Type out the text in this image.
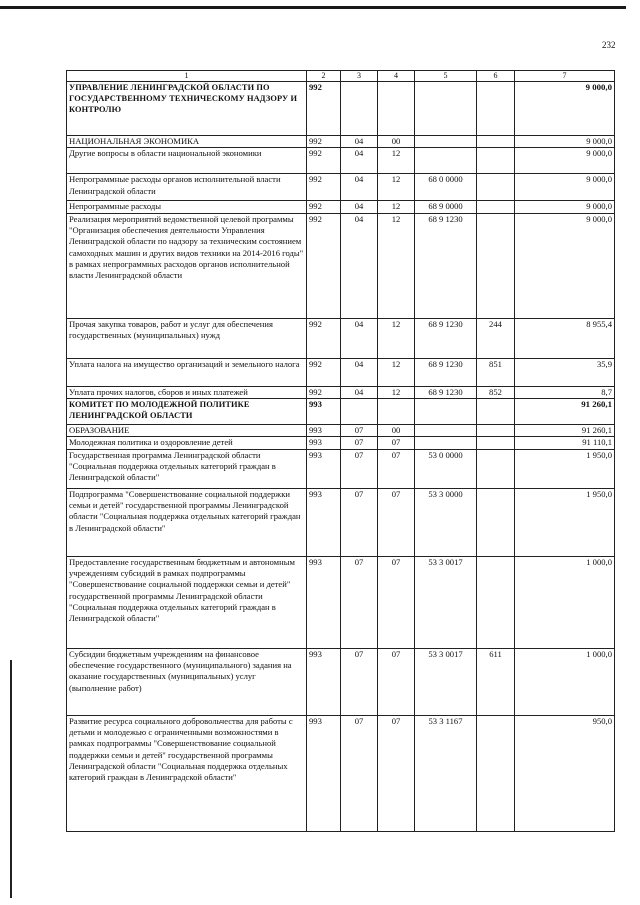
232
1	2	3	4	5	6	7
УПРАВЛЕНИЕ ЛЕНИНГРАДСКОЙ ОБЛАСТИ ПО ГОСУДАРСТВЕННОМУ ТЕХНИЧЕСКОМУ НАДЗОРУ И КОНТРОЛЮ	992					9 000,0
НАЦИОНАЛЬНАЯ ЭКОНОМИКА	992	04	00			9 000,0
Другие вопросы в области национальной экономики	992	04	12			9 000,0
Непрограммные расходы органов исполнительной власти Ленинградской области	992	04	12	68 0 0000		9 000,0
Непрограммные расходы	992	04	12	68 9 0000		9 000,0
Реализация мероприятий ведомственной целевой программы "Организация обеспечения деятельности Управления Ленинградской области по надзору за техническим состоянием самоходных машин и других видов техники на 2014-2016 годы" в рамках непрограммных расходов органов исполнительной власти Ленинградской области	992	04	12	68 9 1230		9 000,0
Прочая закупка товаров, работ и услуг для обеспечения государственных (муниципальных) нужд	992	04	12	68 9 1230	244	8 955,4
Уплата налога на имущество организаций и земельного налога	992	04	12	68 9 1230	851	35,9
Уплата прочих налогов, сборов и иных платежей	992	04	12	68 9 1230	852	8,7
КОМИТЕТ ПО МОЛОДЕЖНОЙ ПОЛИТИКЕ ЛЕНИНГРАДСКОЙ ОБЛАСТИ	993					91 260,1
ОБРАЗОВАНИЕ	993	07	00			91 260,1
Молодежная политика и оздоровление детей	993	07	07			91 110,1
Государственная программа Ленинградской области "Социальная поддержка отдельных категорий граждан в Ленинградской области"	993	07	07	53 0 0000		1 950,0
Подпрограмма "Совершенствование социальной поддержки семьи и детей" государственной программы Ленинградской области "Социальная поддержка отдельных категорий граждан в Ленинградской области"	993	07	07	53 3 0000		1 950,0
Предоставление государственным бюджетным и автономным учреждениям субсидий в рамках подпрограммы "Совершенствование социальной поддержки семьи и детей" государственной программы Ленинградской области "Социальная поддержка отдельных категорий граждан в Ленинградской области"	993	07	07	53 3 0017		1 000,0
Субсидии бюджетным учреждениям на финансовое обеспечение государственного (муниципального) задания на оказание государственных (муниципальных) услуг (выполнение работ)	993	07	07	53 3 0017	611	1 000,0
Развитие ресурса социального добровольчества для работы с детьми и молодежью с ограниченными возможностями в рамках подпрограммы "Совершенствование социальной поддержки семьи и детей" государственной программы Ленинградской области "Социальная поддержка отдельных категорий граждан в Ленинградской области"	993	07	07	53 3 1167		950,0
